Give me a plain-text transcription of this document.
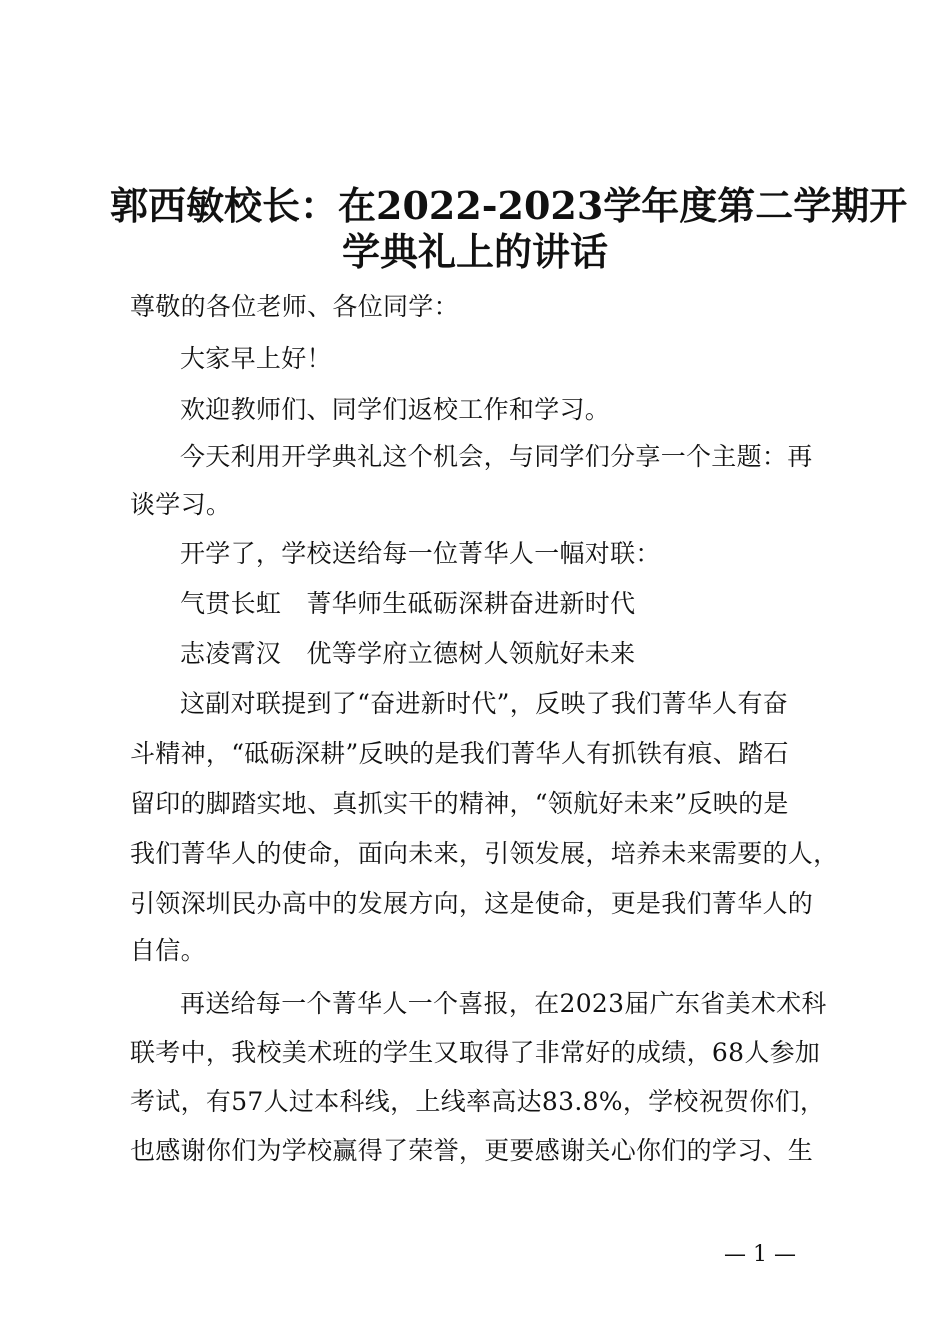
郭西敏校长：在2022-2023学年度第二学期开
学典礼上的讲话
尊敬的各位老师、各位同学：
大家早上好！
欢迎教师们、同学们返校工作和学习。
今天利用开学典礼这个机会，与同学们分享一个主题：再
谈学习。
开学了，学校送给每一位菁华人一幅对联：
气贯长虹　菁华师生砥砺深耕奋进新时代
志凌霄汉　优等学府立德树人领航好未来
这副对联提到了“奋进新时代”，反映了我们菁华人有奋
斗精神，“砥砺深耕”反映的是我们菁华人有抓铁有痕、踏石
留印的脚踏实地、真抓实干的精神，“领航好未来”反映的是
我们菁华人的使命，面向未来，引领发展，培养未来需要的人，
引领深圳民办高中的发展方向，这是使命，更是我们菁华人的
自信。
再送给每一个菁华人一个喜报，在2023届广东省美术术科
联考中，我校美术班的学生又取得了非常好的成绩，68人参加
考试，有57人过本科线，上线率高达83.8%，学校祝贺你们，
也感谢你们为学校赢得了荣誉，更要感谢关心你们的学习、生
— 1 —
